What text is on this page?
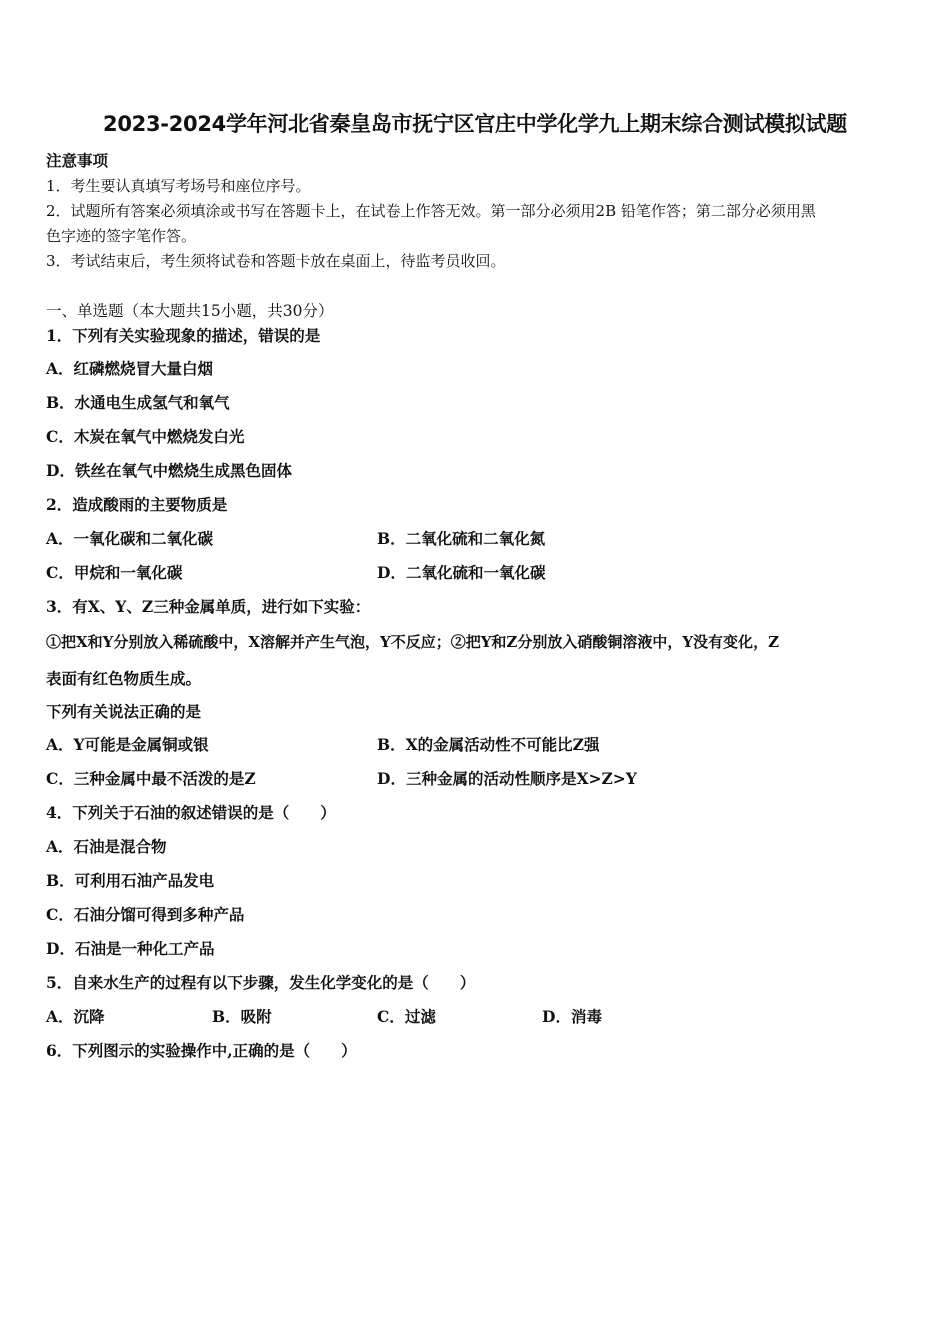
2023-2024学年河北省秦皇岛市抚宁区官庄中学化学九上期末综合测试模拟试题
注意事项
1．考生要认真填写考场号和座位序号。
2．试题所有答案必须填涂或书写在答题卡上，在试卷上作答无效。第一部分必须用2B 铅笔作答；第二部分必须用黑
色字迹的签字笔作答。
3．考试结束后，考生须将试卷和答题卡放在桌面上，待监考员收回。
一、单选题（本大题共15小题，共30分）
1．下列有关实验现象的描述，错误的是
A．红磷燃烧冒大量白烟
B．水通电生成氢气和氧气
C．木炭在氧气中燃烧发白光
D．铁丝在氧气中燃烧生成黑色固体
2．造成酸雨的主要物质是
A．一氧化碳和二氧化碳	B．二氧化硫和二氧化氮
C．甲烷和一氧化碳	D．二氧化硫和一氧化碳
3．有X、Y、Z三种金属单质，进行如下实验：
①把X和Y分别放入稀硫酸中，X溶解并产生气泡，Y不反应；②把Y和Z分别放入硝酸铜溶液中，Y没有变化，Z
表面有红色物质生成。
下列有关说法正确的是
A．Y可能是金属铜或银	B．X的金属活动性不可能比Z强
C．三种金属中最不活泼的是Z	D．三种金属的活动性顺序是X>Z>Y
4．下列关于石油的叙述错误的是（　　）
A．石油是混合物
B．可利用石油产品发电
C．石油分馏可得到多种产品
D．石油是一种化工产品
5．自来水生产的过程有以下步骤，发生化学变化的是（　　）
A．沉降	B．吸附	C．过滤	D．消毒
6．下列图示的实验操作中,正确的是（　　）
